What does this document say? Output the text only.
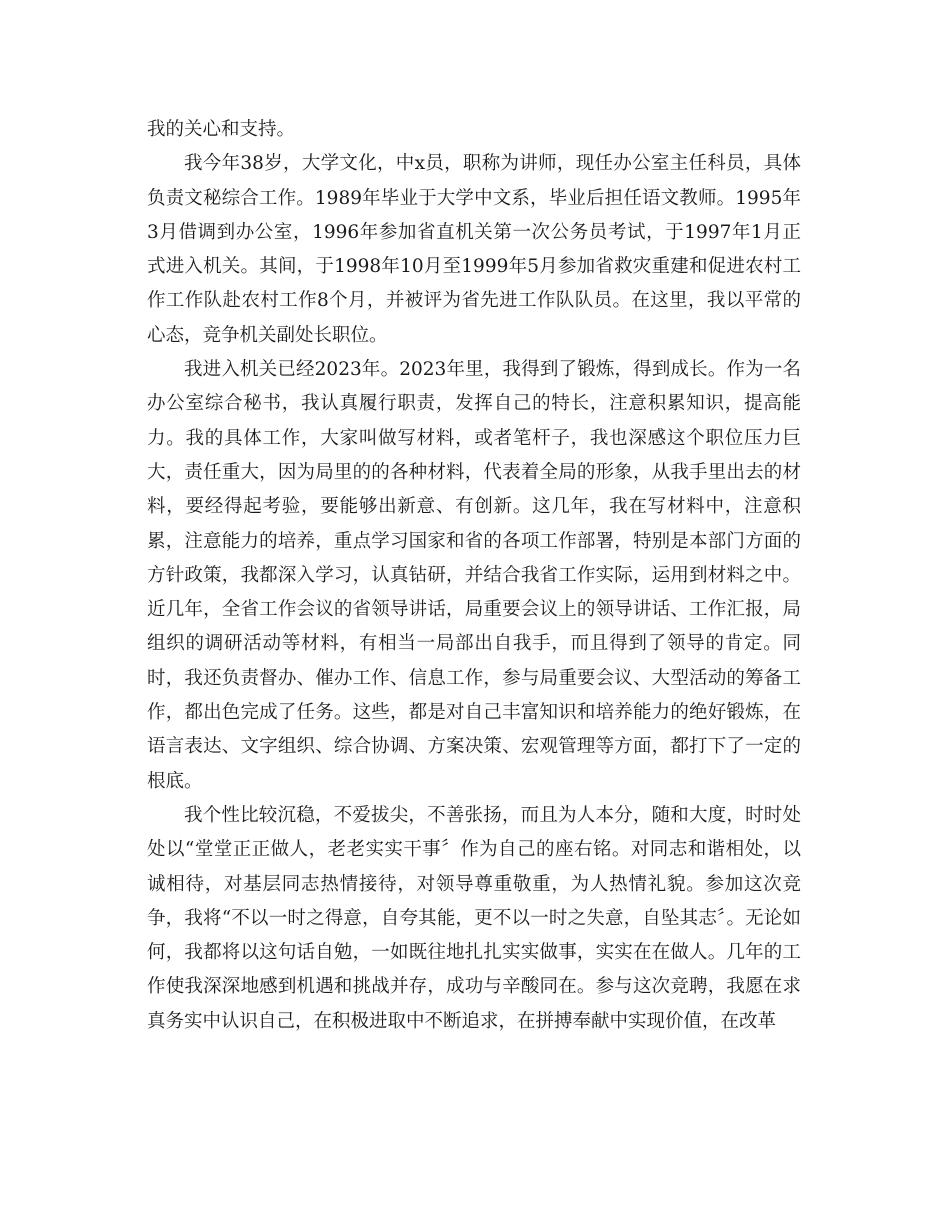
我的关心和支持。

我今年38岁，大学文化，中x员，职称为讲师，现任办公室主任科员，具体负责文秘综合工作。1989年毕业于大学中文系，毕业后担任语文教师。1995年3月借调到办公室，1996年参加省直机关第一次公务员考试，于1997年1月正式进入机关。其间，于1998年10月至1999年5月参加省救灾重建和促进农村工作工作队赴农村工作8个月，并被评为省先进工作队队员。在这里，我以平常的心态，竞争机关副处长职位。

我进入机关已经2023年。2023年里，我得到了锻炼，得到成长。作为一名办公室综合秘书，我认真履行职责，发挥自己的特长，注意积累知识，提高能力。我的具体工作，大家叫做写材料，或者笔杆子，我也深感这个职位压力巨大，责任重大，因为局里的的各种材料，代表着全局的形象，从我手里出去的材料，要经得起考验，要能够出新意、有创新。这几年，我在写材料中，注意积累，注意能力的培养，重点学习国家和省的各项工作部署，特别是本部门方面的方针政策，我都深入学习，认真钻研，并结合我省工作实际，运用到材料之中。近几年，全省工作会议的省领导讲话，局重要会议上的领导讲话、工作汇报，局组织的调研活动等材料，有相当一局部出自我手，而且得到了领导的肯定。同时，我还负责督办、催办工作、信息工作，参与局重要会议、大型活动的筹备工作，都出色完成了任务。这些，都是对自己丰富知识和培养能力的绝好锻炼，在语言表达、文字组织、综合协调、方案决策、宏观管理等方面，都打下了一定的根底。

我个性比较沉稳，不爱拔尖，不善张扬，而且为人本分，随和大度，时时处处以“堂堂正正做人，老老实实干事〞作为自己的座右铭。对同志和谐相处，以诚相待，对基层同志热情接待，对领导尊重敬重，为人热情礼貌。参加这次竞争，我将“不以一时之得意，自夸其能，更不以一时之失意，自坠其志〞。无论如何，我都将以这句话自勉，一如既往地扎扎实实做事，实实在在做人。几年的工作使我深深地感到机遇和挑战并存，成功与辛酸同在。参与这次竞聘，我愿在求真务实中认识自己，在积极进取中不断追求，在拼搏奉献中实现价值，在改革
